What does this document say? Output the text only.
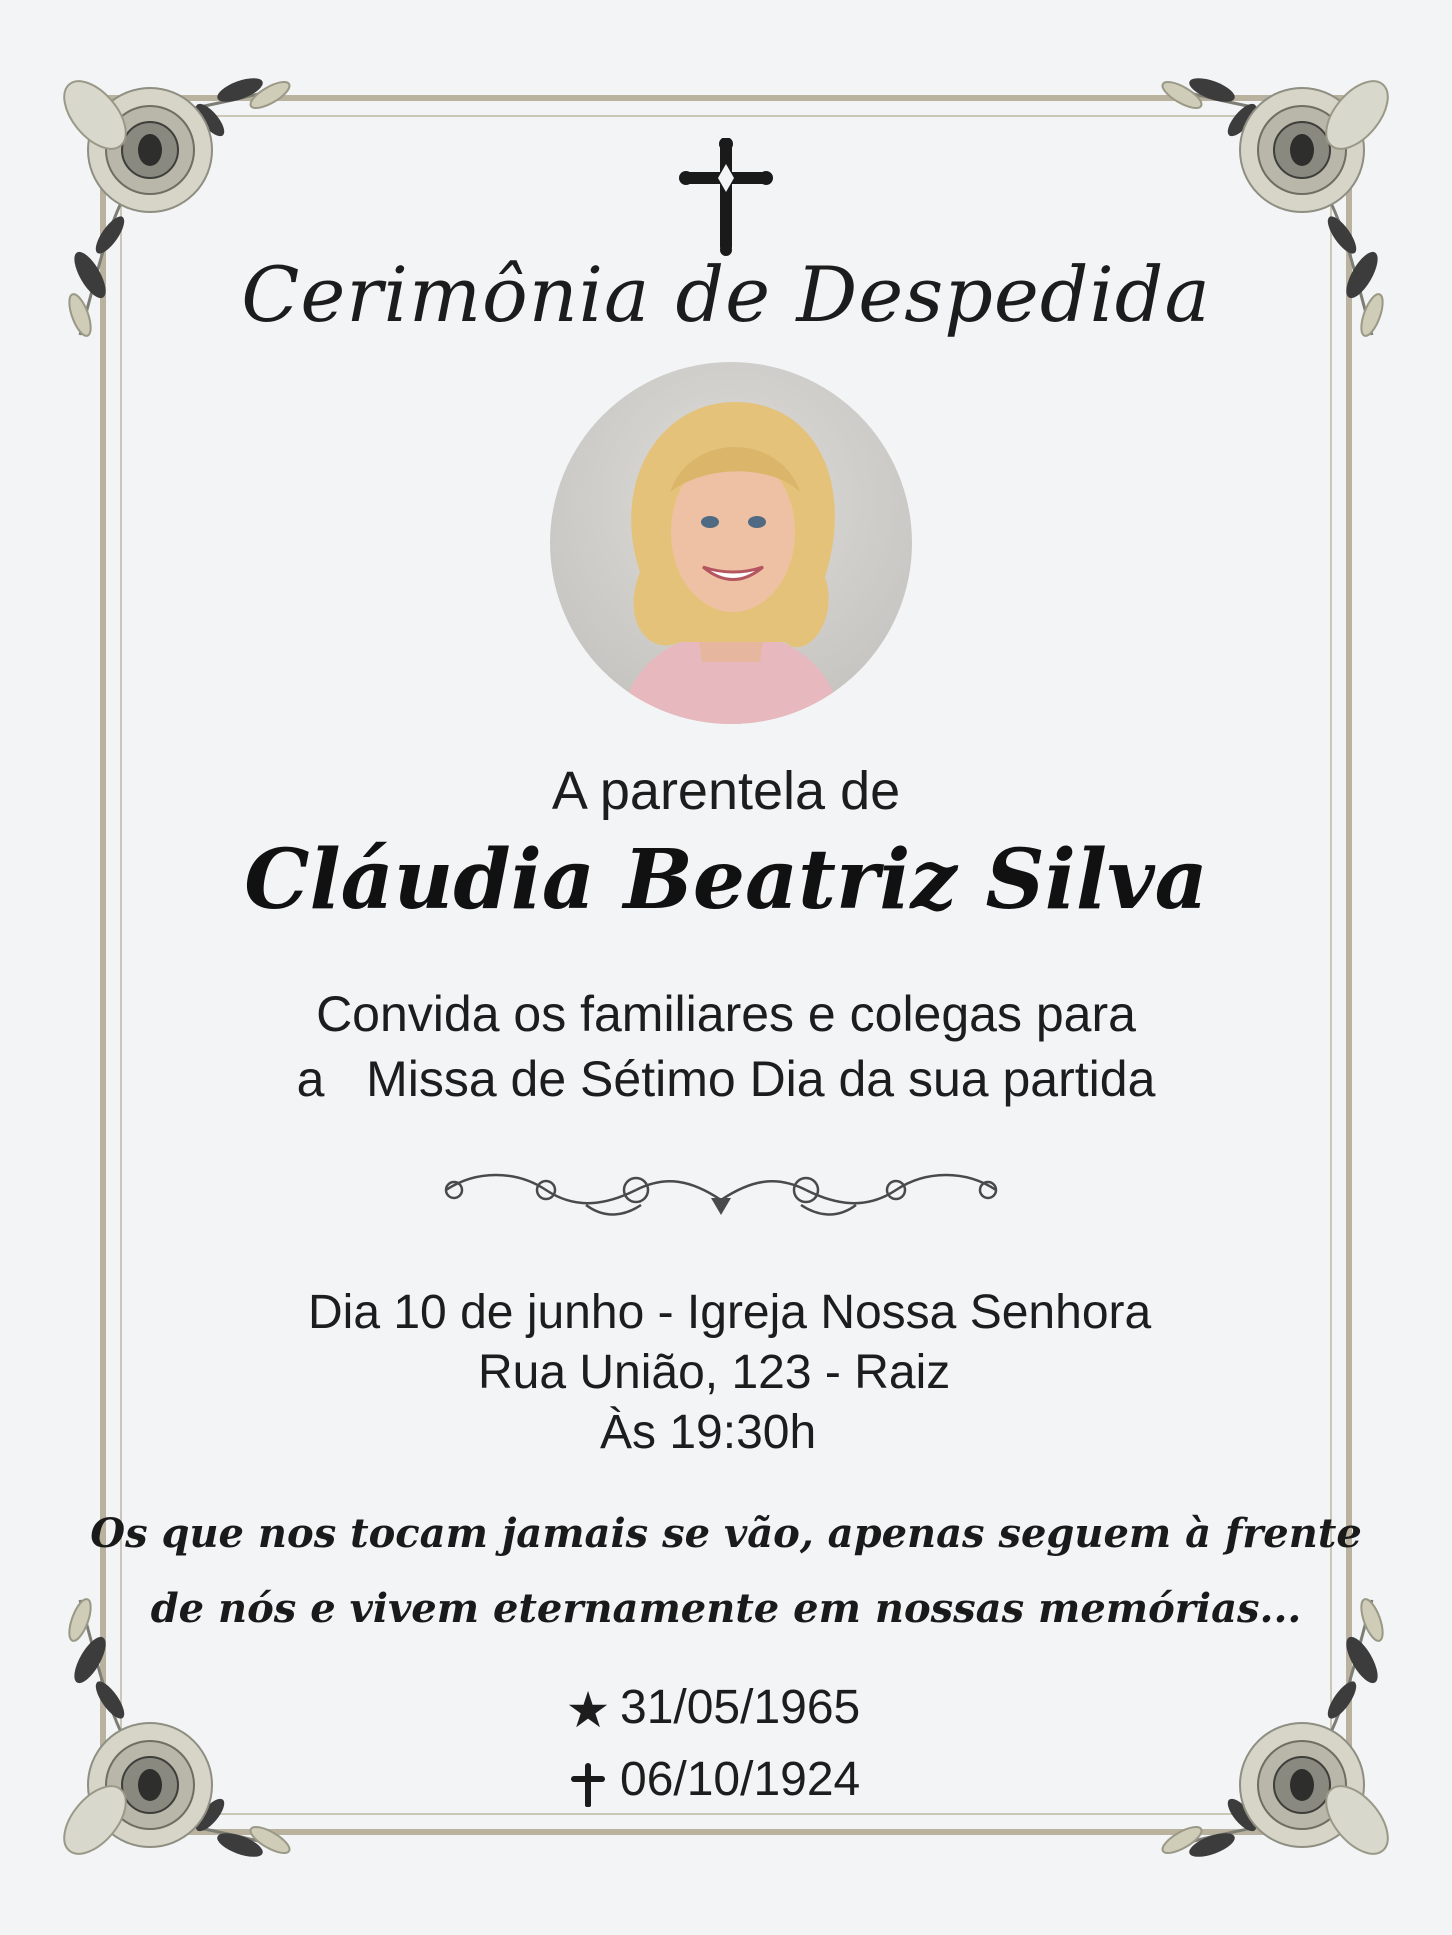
Cerimônia de Despedida
A parentela de
Cláudia Beatriz Silva
Convida os familiares e colegas para
a   Missa de Sétimo Dia da sua partida
Dia 10 de junho - Igreja Nossa Senhora
Rua União, 123 - Raiz
Às 19:30h
Os que nos tocam jamais se vão, apenas seguem à frente
de nós e vivem eternamente em nossas memórias...
★ 31/05/1965
06/10/1924
